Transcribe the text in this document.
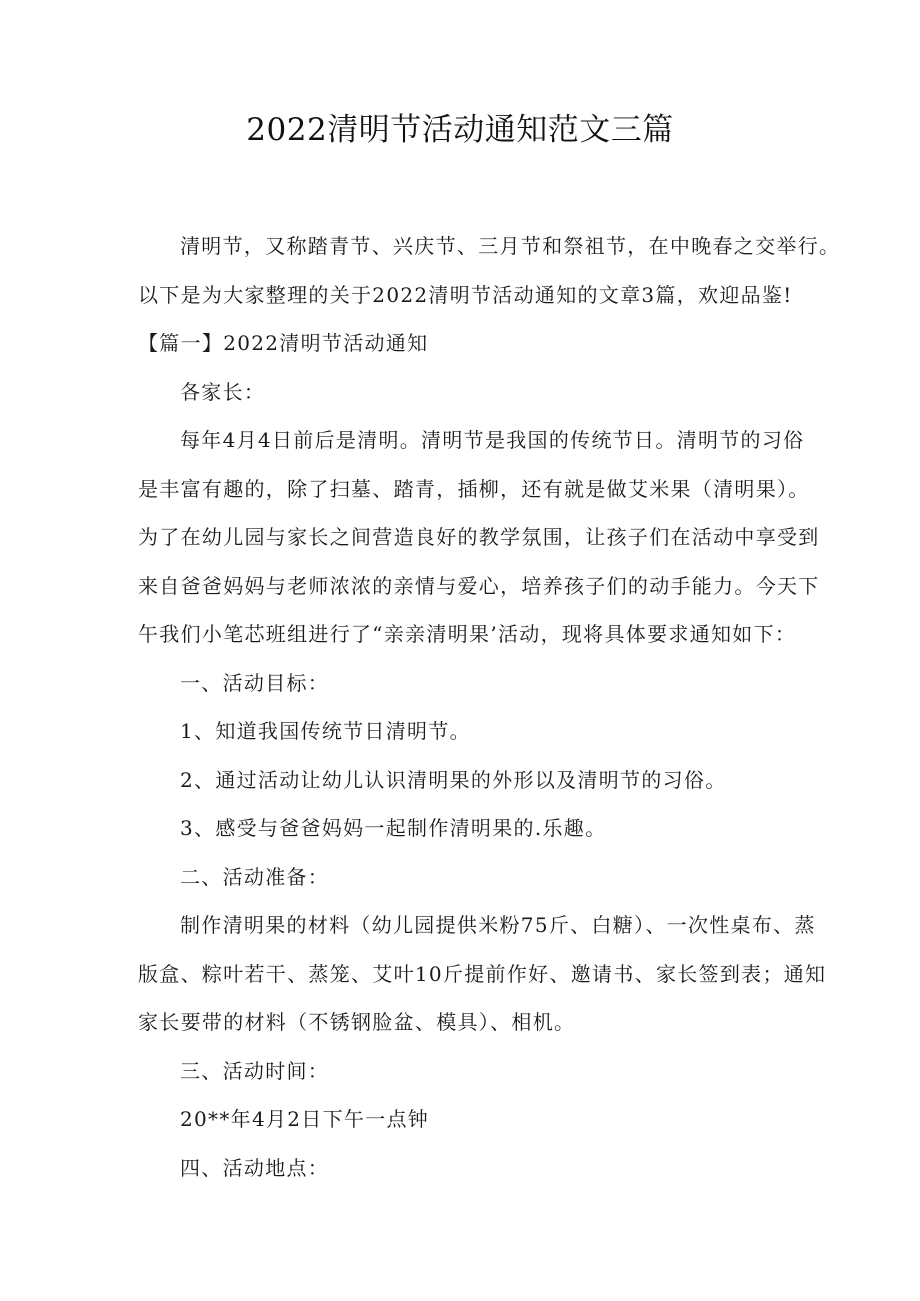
2022清明节活动通知范文三篇
清明节，又称踏青节、兴庆节、三月节和祭祖节，在中晚春之交举行。
以下是为大家整理的关于2022清明节活动通知的文章3篇，欢迎品鉴!
【篇一】2022清明节活动通知
各家长：
每年4月4日前后是清明。清明节是我国的传统节日。清明节的习俗
是丰富有趣的，除了扫墓、踏青，插柳，还有就是做艾米果（清明果）。
为了在幼儿园与家长之间营造良好的教学氛围，让孩子们在活动中享受到
来自爸爸妈妈与老师浓浓的亲情与爱心，培养孩子们的动手能力。今天下
午我们小笔芯班组进行了“亲亲清明果’活动，现将具体要求通知如下：
一、活动目标：
1、知道我国传统节日清明节。
2、通过活动让幼儿认识清明果的外形以及清明节的习俗。
3、感受与爸爸妈妈一起制作清明果的.乐趣。
二、活动准备：
制作清明果的材料（幼儿园提供米粉75斤、白糖）、一次性桌布、蒸
版盒、粽叶若干、蒸笼、艾叶10斤提前作好、邀请书、家长签到表；通知
家长要带的材料（不锈钢脸盆、模具）、相机。
三、活动时间：
20**年4月2日下午一点钟
四、活动地点：
